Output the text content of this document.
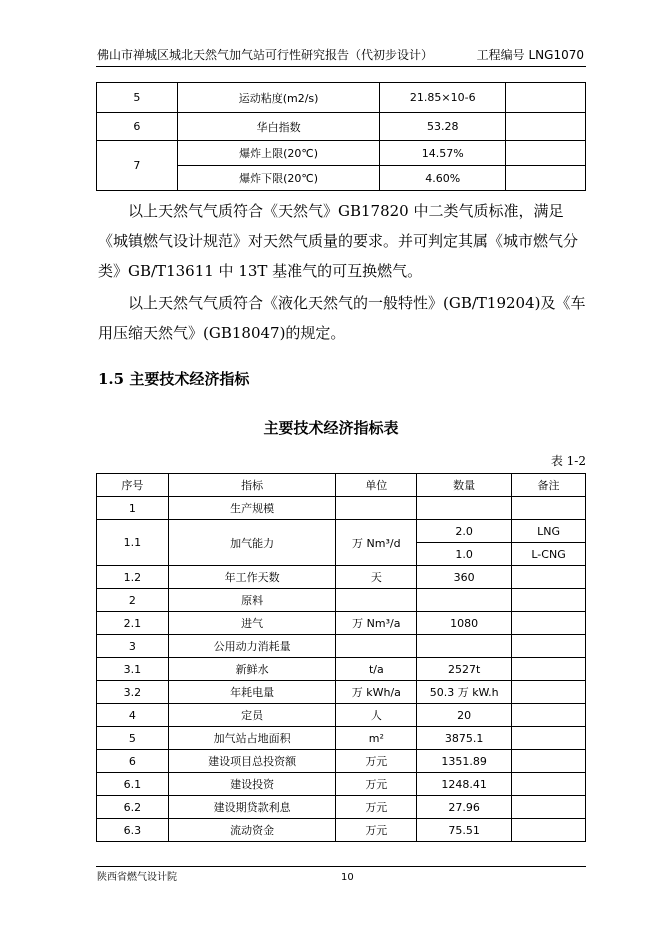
佛山市禅城区城北天然气加气站可行性研究报告（代初步设计）	工程编号 LNG1070
5	运动粘度(m2/s)	21.85×10-6	
6	华白指数	53.28	
7	爆炸上限(20℃)	14.57%	
	爆炸下限(20℃)	4.60%	
以上天然气气质符合《天然气》GB17820 中二类气质标准，满足《城镇燃气设计规范》对天然气质量的要求。并可判定其属《城市燃气分类》GB/T13611 中 13T 基准气的可互换燃气。
以上天然气气质符合《液化天然气的一般特性》(GB/T19204)及《车用压缩天然气》(GB18047)的规定。
1.5 主要技术经济指标
主要技术经济指标表
表 1-2
序号	指标	单位	数量	备注
1	生产规模			
1.1	加气能力	万 Nm³/d	2.0	LNG
			1.0	L-CNG
1.2	年工作天数	天	360	
2	原料			
2.1	进气	万 Nm³/a	1080	
3	公用动力消耗量			
3.1	新鲜水	t/a	2527t	
3.2	年耗电量	万 kWh/a	50.3 万 kW.h	
4	定员	人	20	
5	加气站占地面积	m²	3875.1	
6	建设项目总投资额	万元	1351.89	
6.1	建设投资	万元	1248.41	
6.2	建设期贷款利息	万元	27.96	
6.3	流动资金	万元	75.51	
陕西省燃气设计院	10
